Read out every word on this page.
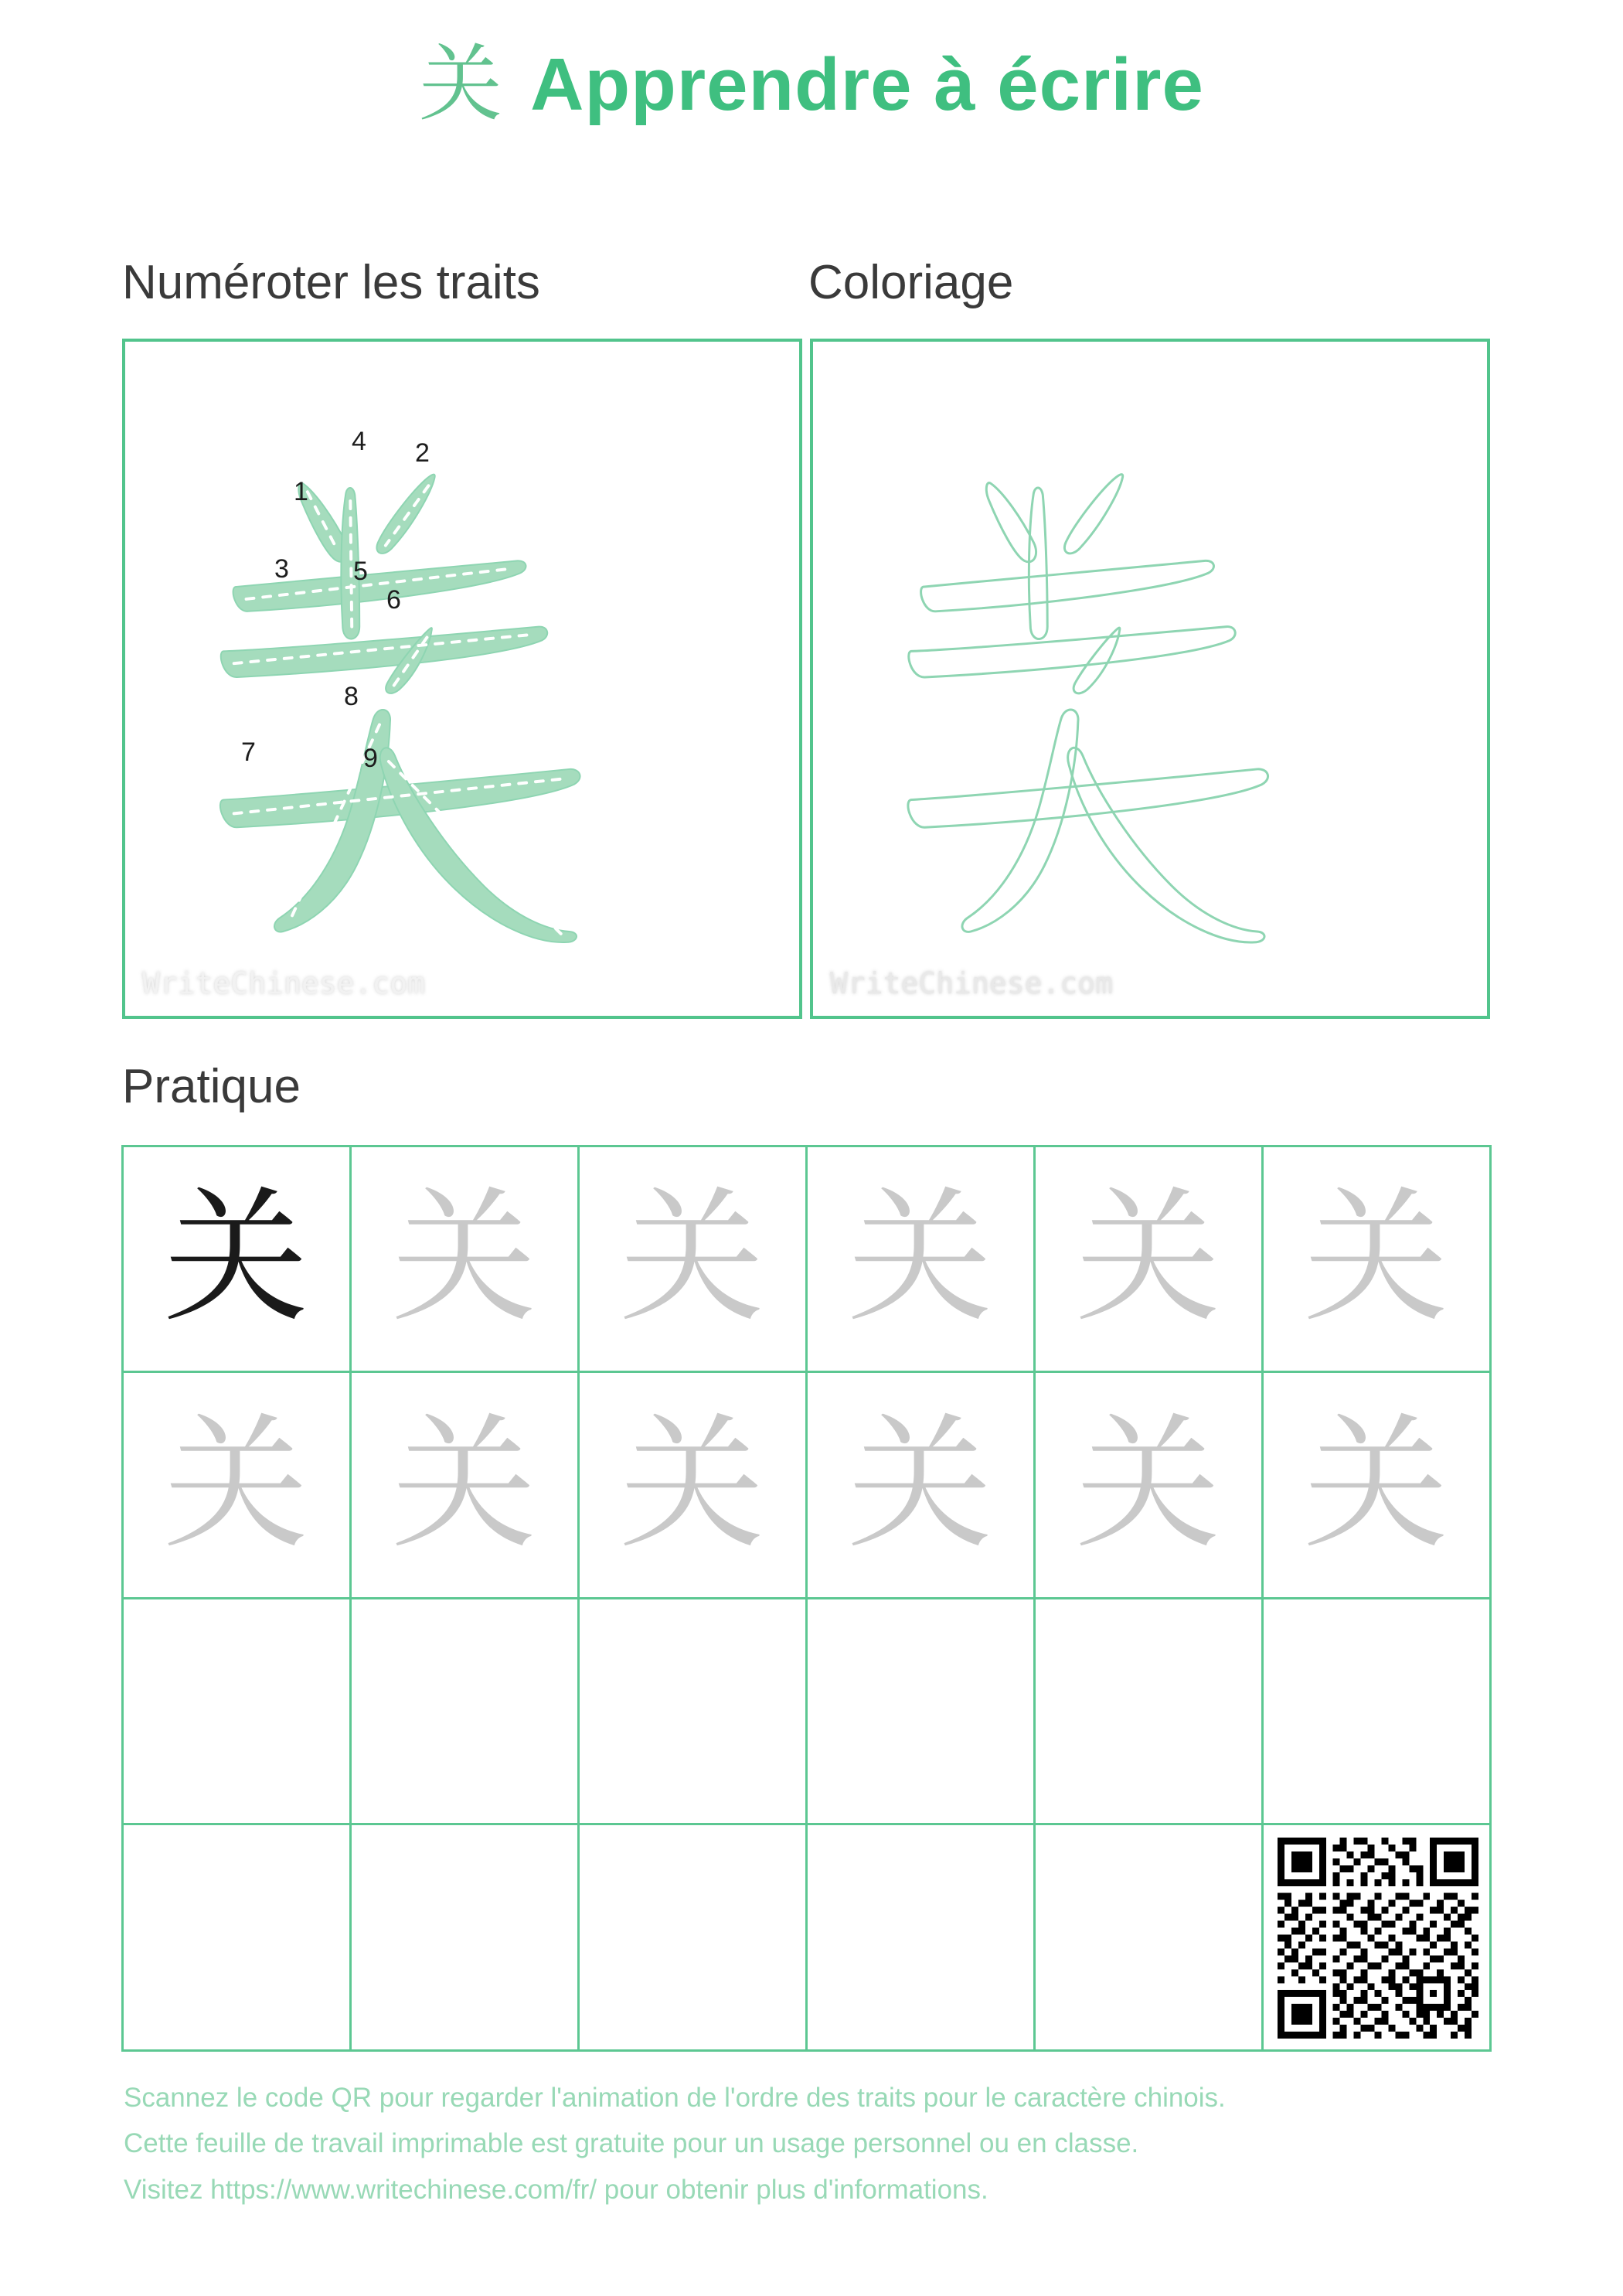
关 Apprendre à écrire
Numéroter les traits	Coloriage
Pratique
WriteChinese.com
1
2
3
4
5
6
7
8
9
WriteChinese.com
关 关 关 关 关 关
关 关 关 关 关 关

Scannez le code QR pour regarder l'animation de l'ordre des traits pour le caractère chinois.

Cette feuille de travail imprimable est gratuite pour un usage personnel ou en classe.

Visitez https://www.writechinese.com/fr/ pour obtenir plus d'informations.
